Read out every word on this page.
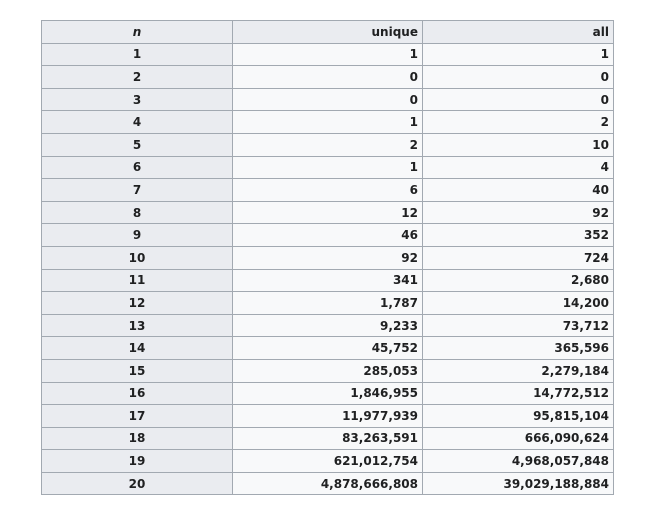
n	unique	all
1	1	1
2	0	0
3	0	0
4	1	2
5	2	10
6	1	4
7	6	40
8	12	92
9	46	352
10	92	724
11	341	2,680
12	1,787	14,200
13	9,233	73,712
14	45,752	365,596
15	285,053	2,279,184
16	1,846,955	14,772,512
17	11,977,939	95,815,104
18	83,263,591	666,090,624
19	621,012,754	4,968,057,848
20	4,878,666,808	39,029,188,884
